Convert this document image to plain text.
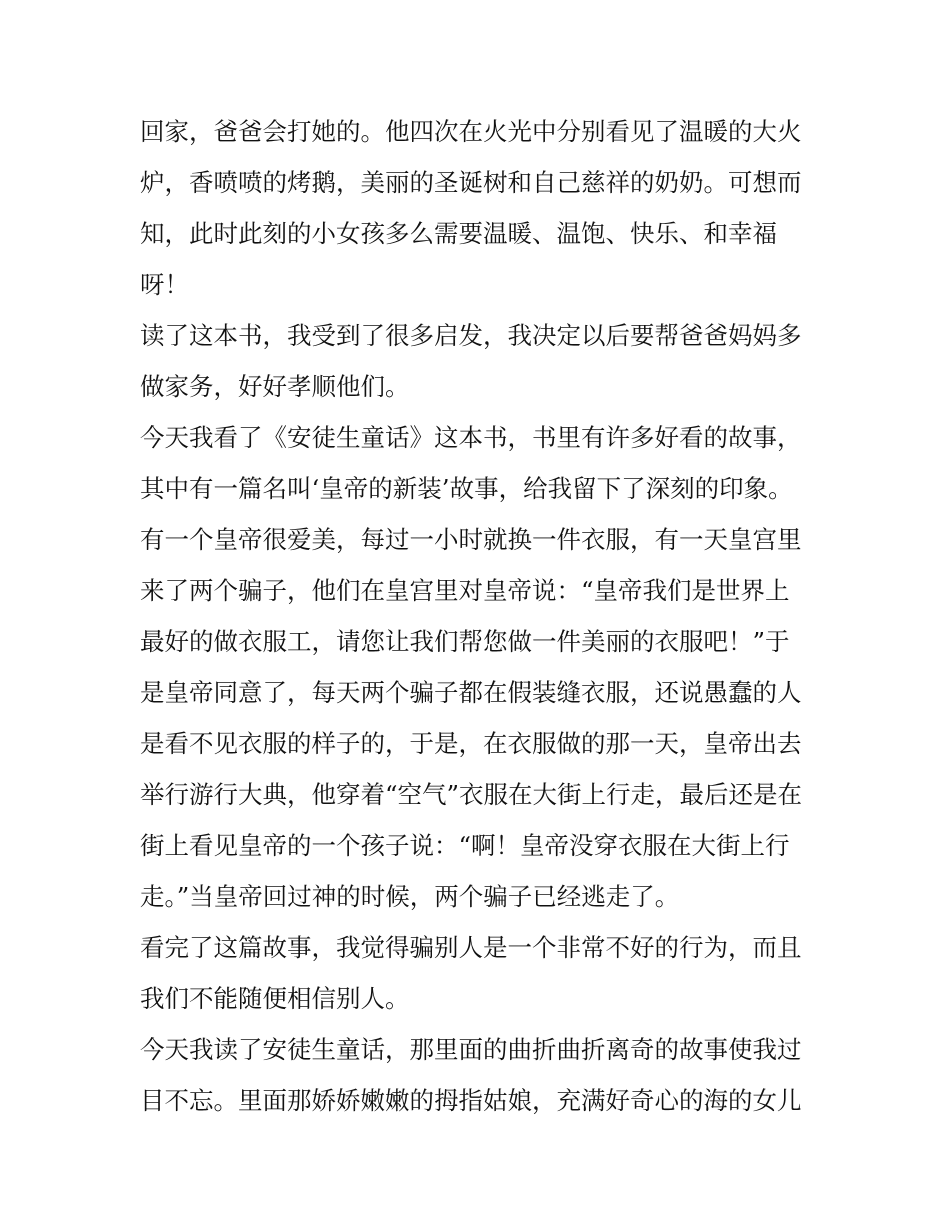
回家，爸爸会打她的。他四次在火光中分别看见了温暖的大火
炉，香喷喷的烤鹅，美丽的圣诞树和自己慈祥的奶奶。可想而
知，此时此刻的小女孩多么需要温暖、温饱、快乐、和幸福
呀！
读了这本书，我受到了很多启发，我决定以后要帮爸爸妈妈多
做家务，好好孝顺他们。
今天我看了《安徒生童话》这本书，书里有许多好看的故事，
其中有一篇名叫‘皇帝的新装’故事，给我留下了深刻的印象。
有一个皇帝很爱美，每过一小时就换一件衣服，有一天皇宫里
来了两个骗子，他们在皇宫里对皇帝说：“皇帝我们是世界上
最好的做衣服工，请您让我们帮您做一件美丽的衣服吧！”于
是皇帝同意了，每天两个骗子都在假装缝衣服，还说愚蠢的人
是看不见衣服的样子的，于是，在衣服做的那一天，皇帝出去
举行游行大典，他穿着“空气”衣服在大街上行走，最后还是在
街上看见皇帝的一个孩子说：“啊！皇帝没穿衣服在大街上行
走。”当皇帝回过神的时候，两个骗子已经逃走了。
看完了这篇故事，我觉得骗别人是一个非常不好的行为，而且
我们不能随便相信别人。
今天我读了安徒生童话，那里面的曲折曲折离奇的故事使我过
目不忘。里面那娇娇嫩嫩的拇指姑娘，充满好奇心的海的女儿
